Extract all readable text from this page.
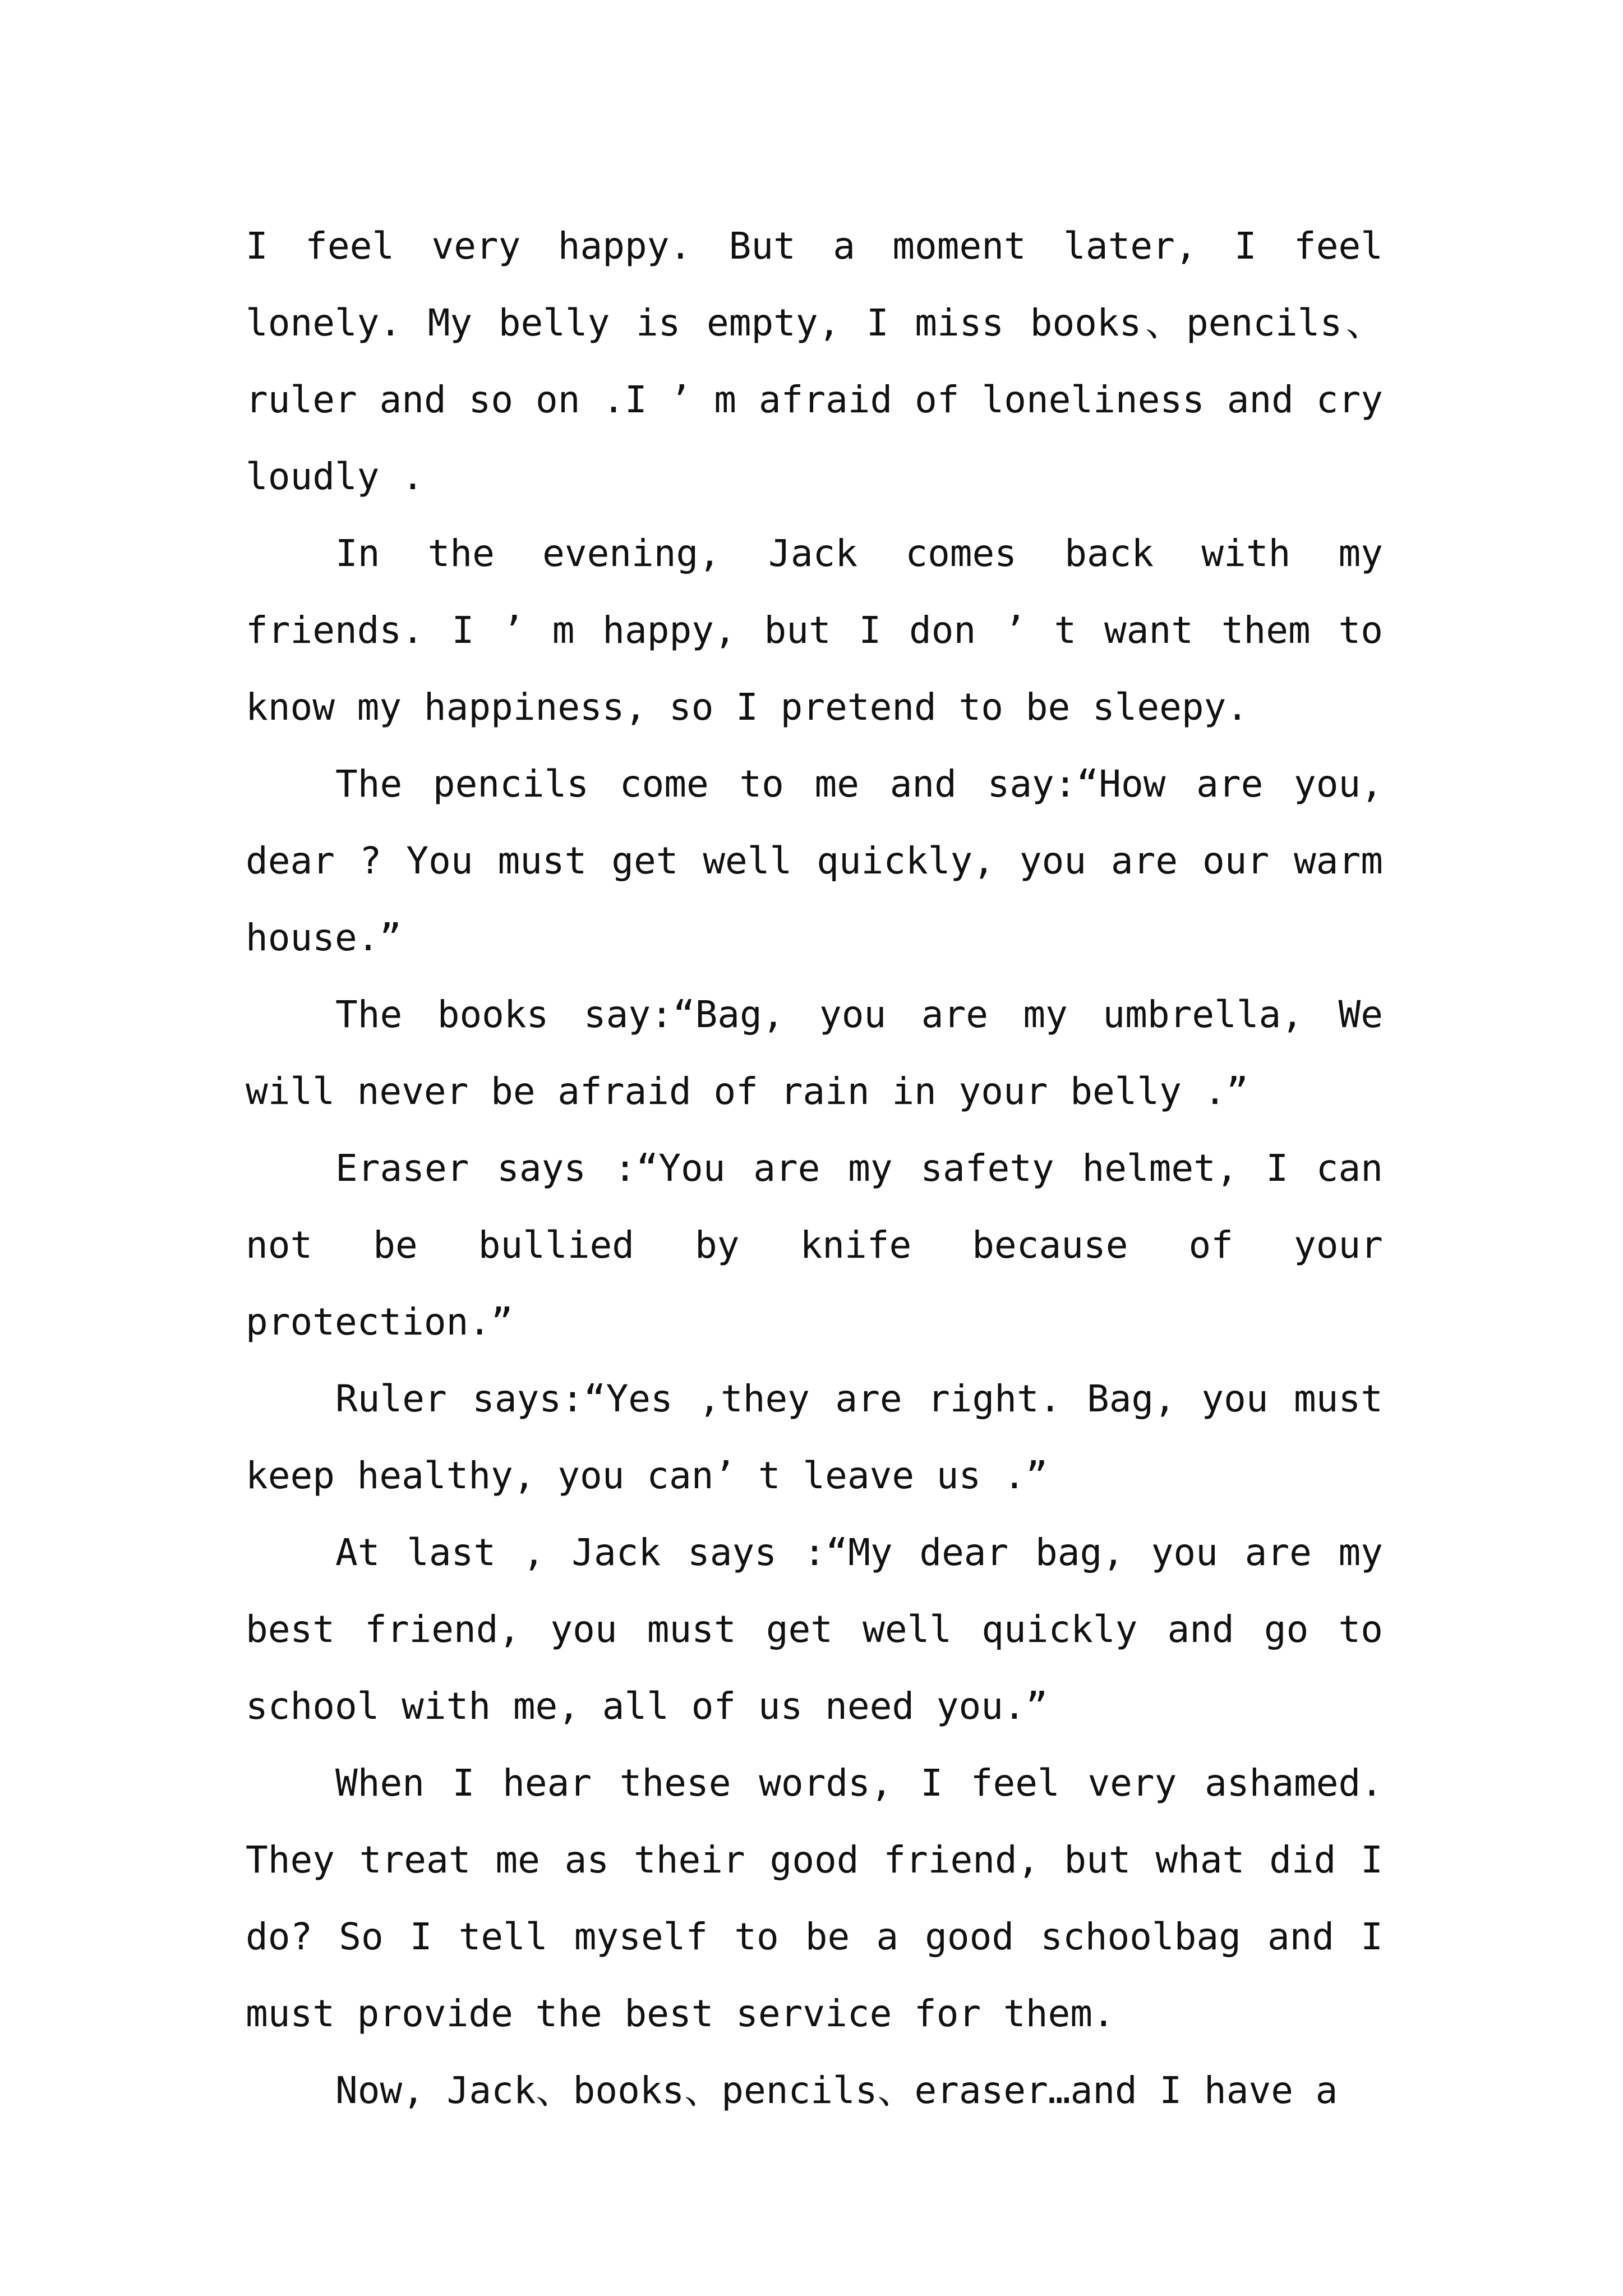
I feel very happy. But a moment later, I feel lonely. My belly is empty, I miss books、pencils、ruler and so on .I ’ m afraid of loneliness and cry loudly .

In the evening, Jack comes back with my friends. I ’ m happy, but I don ’ t want them to know my happiness, so I pretend to be sleepy.

The pencils come to me and say:“How are you, dear ? You must get well quickly, you are our warm house.”

The books say:“Bag, you are my umbrella, We will never be afraid of rain in your belly .”

Eraser says :“You are my safety helmet, I can not be bullied by knife because of your protection.”

Ruler says:“Yes ,they are right. Bag, you must keep healthy, you can’ t leave us .”

At last , Jack says :“My dear bag, you are my best friend, you must get well quickly and go to school with me, all of us need you.”

When I hear these words, I feel very ashamed. They treat me as their good friend, but what did I do? So I tell myself to be a good schoolbag and I must provide the best service for them.

Now, Jack、books、pencils、eraser…and I have a
